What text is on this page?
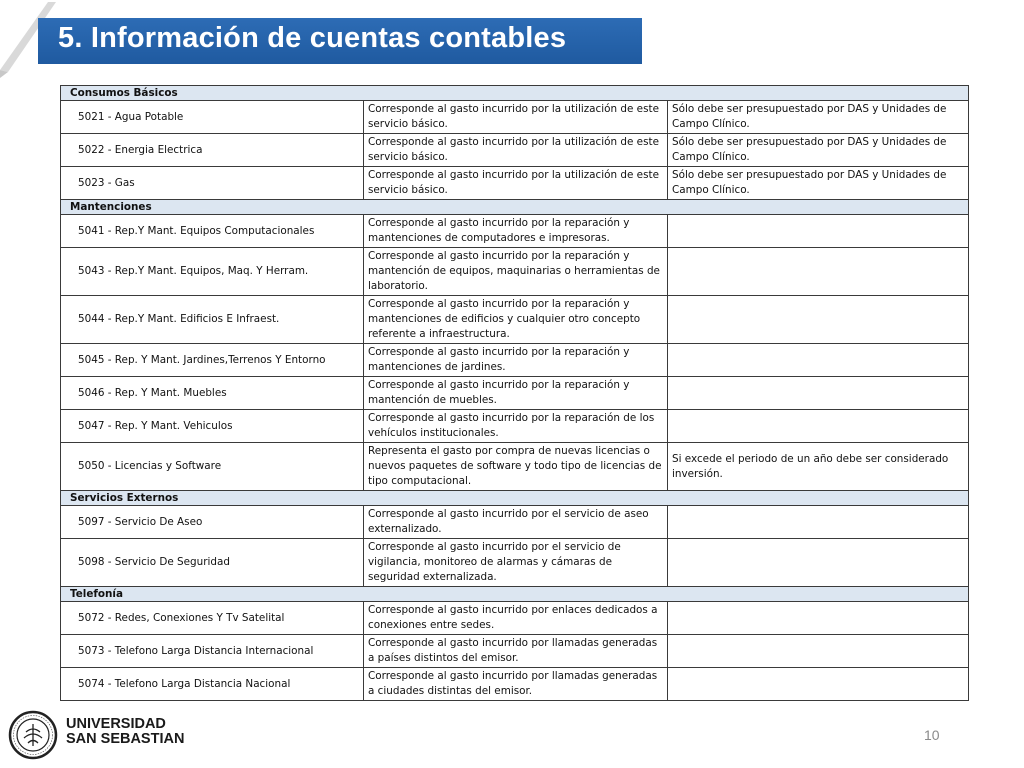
5. Información de cuentas contables
Consumos Básicos		
5021 - Agua Potable	Corresponde al gasto incurrido por la utilización de este servicio básico.	Sólo debe ser presupuestado por DAS y Unidades de Campo Clínico.
5022 - Energia Electrica	Corresponde al gasto incurrido por la utilización de este servicio básico.	Sólo debe ser presupuestado por DAS y Unidades de Campo Clínico.
5023 - Gas	Corresponde al gasto incurrido por la utilización de este servicio básico.	Sólo debe ser presupuestado por DAS y Unidades de Campo Clínico.
Mantenciones		
5041 - Rep.Y Mant. Equipos Computacionales	Corresponde al gasto incurrido por la reparación y mantenciones de computadores e impresoras.	
5043 - Rep.Y Mant. Equipos, Maq. Y Herram.	Corresponde al gasto incurrido por la reparación y mantención de equipos, maquinarias o herramientas de laboratorio.	
5044 - Rep.Y Mant. Edificios E Infraest.	Corresponde al gasto incurrido por la reparación y mantenciones de edificios y cualquier otro concepto referente a infraestructura.	
5045 - Rep. Y Mant. Jardines,Terrenos Y Entorno	Corresponde al gasto incurrido por la reparación y mantenciones de jardines.	
5046 - Rep. Y Mant. Muebles	Corresponde al gasto incurrido por la reparación y mantención de muebles.	
5047 - Rep. Y Mant. Vehiculos	Corresponde al gasto incurrido por la reparación de los vehículos institucionales.	
5050 - Licencias y Software	Representa el gasto por compra de nuevas licencias o nuevos paquetes de software y todo tipo de licencias de tipo computacional.	Si excede el periodo de un año debe ser considerado inversión.
Servicios Externos		
5097 - Servicio De Aseo	Corresponde al gasto incurrido por el servicio de aseo externalizado.	
5098 - Servicio De Seguridad	Corresponde al gasto incurrido por el servicio de vigilancia, monitoreo de alarmas y cámaras de seguridad externalizada.	
Telefonía		
5072 - Redes, Conexiones Y Tv Satelital	Corresponde al gasto incurrido por enlaces dedicados a conexiones entre sedes.	
5073 - Telefono Larga Distancia Internacional	Corresponde al gasto incurrido por llamadas generadas a países distintos del emisor.	
5074 - Telefono Larga Distancia Nacional	Corresponde al gasto incurrido por llamadas generadas a ciudades distintas del emisor.	
UNIVERSIDAD
SAN SEBASTIAN	10
